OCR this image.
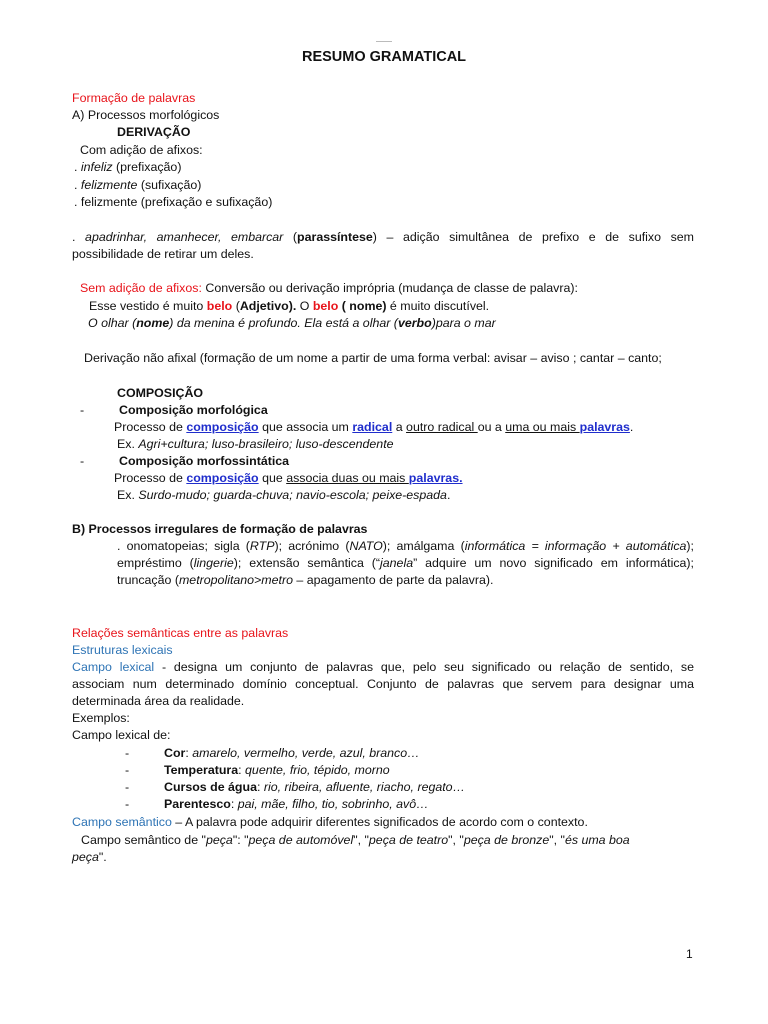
RESUMO GRAMATICAL
Formação de palavras
A) Processos morfológicos
DERIVAÇÃO
Com adição de afixos:
. infeliz (prefixação)
. felizmente (sufixação)
. felizmente (prefixação e sufixação)
. apadrinhar, amanhecer, embarcar (parassíntese) – adição simultânea de prefixo e de sufixo sem
possibilidade de retirar um deles.
Sem adição de afixos: Conversão ou derivação imprópria (mudança de classe de palavra):
Esse vestido é muito belo (Adjetivo). O belo ( nome) é muito discutível.
O olhar (nome) da menina é profundo. Ela está a olhar (verbo)para o mar
Derivação não afixal (formação de um nome a partir de uma forma verbal: avisar – aviso ; cantar – canto;
COMPOSIÇÃO
-	Composição morfológica
Processo de composição que associa um radical a outro radical ou a uma ou mais palavras.
Ex. Agri+cultura; luso-brasileiro; luso-descendente
-	Composição morfossintática
Processo de composição que associa duas ou mais palavras.
Ex. Surdo-mudo; guarda-chuva; navio-escola; peixe-espada.
B) Processos irregulares de formação de palavras
. onomatopeias; sigla (RTP); acrónimo (NATO); amálgama (informática = informação + automática);
empréstimo (lingerie); extensão semântica (“janela” adquire um novo significado em informática);
truncação (metropolitano>metro – apagamento de parte da palavra).
Relações semânticas entre as palavras
Estruturas lexicais
Campo lexical - designa um conjunto de palavras que, pelo seu significado ou relação de sentido, se
associam num determinado domínio conceptual. Conjunto de palavras que servem para designar uma
determinada área da realidade.
Exemplos:
Campo lexical de:
-	Cor: amarelo, vermelho, verde, azul, branco…
-	Temperatura: quente, frio, tépido, morno
-	Cursos de água: rio, ribeira, afluente, riacho, regato…
-	Parentesco: pai, mãe, filho, tio, sobrinho, avô…
Campo semântico – A palavra pode adquirir diferentes significados de acordo com o contexto.
Campo semântico de "peça": "peça de automóvel", "peça de teatro", "peça de bronze", "és uma boa
peça".
1
